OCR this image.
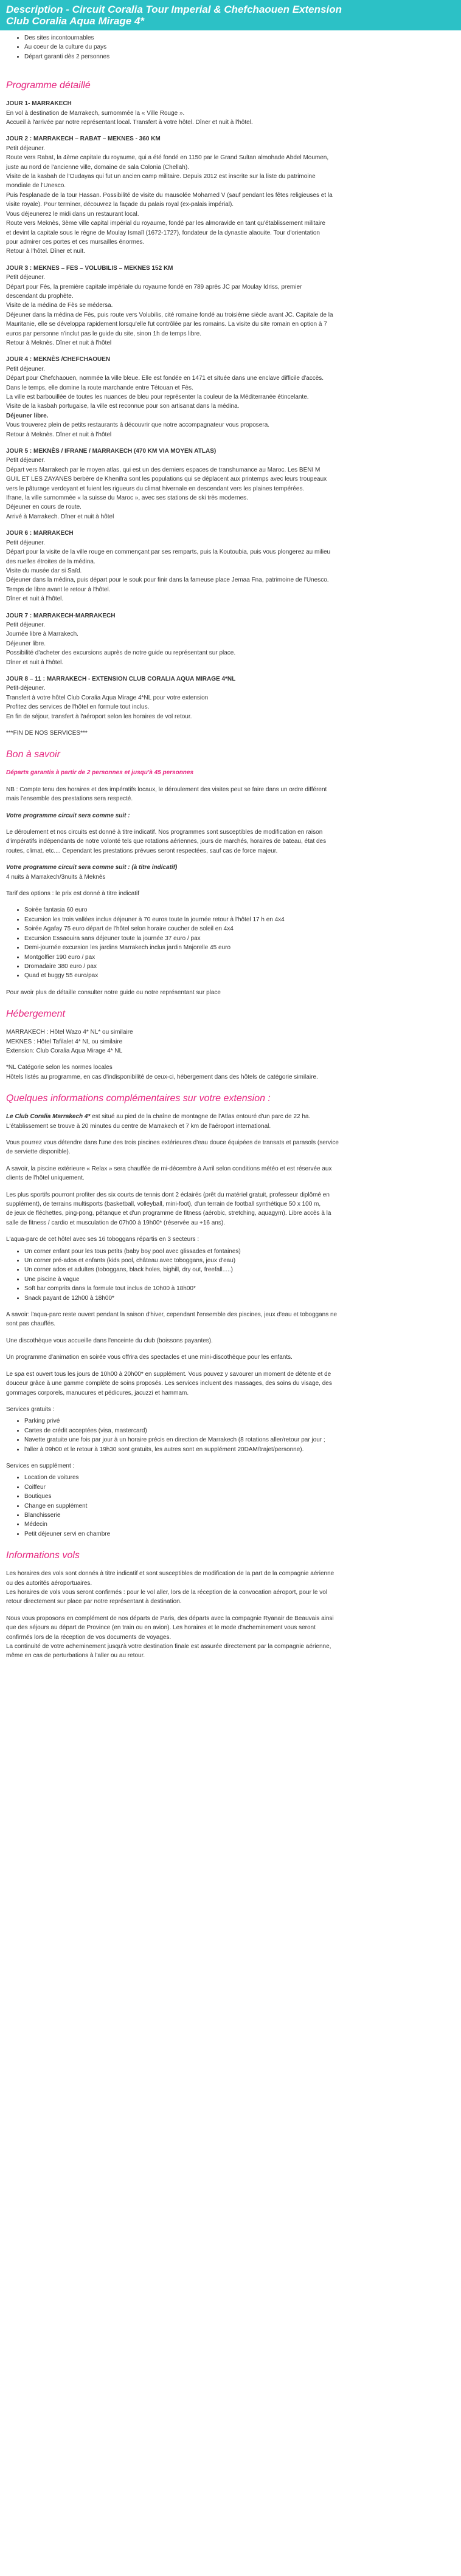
Description - Circuit Coralia Tour Imperial & Chefchaouen Extension
Club Coralia Aqua Mirage 4*
• Des sites incontournables
• Au coeur de la culture du pays
• Départ garanti dès 2 personnes
Programme détaillé

JOUR 1- MARRAKECH
En vol à destination de Marrakech, surnommée la « Ville Rouge ».
Accueil à l'arrivée par notre représentant local. Transfert à votre hôtel. Dîner et nuit à l'hôtel.

JOUR 2 : MARRAKECH – RABAT – MEKNES - 360 KM
Petit déjeuner.
Route vers Rabat, la 4ème capitale du royaume, qui a été fondé en 1150 par le Grand Sultan almohade Abdel Moumen,
juste au nord de l'ancienne ville, domaine de sala Colonia (Chellah).
Visite de la kasbah de l'Oudayas qui fut un ancien camp militaire. Depuis 2012 est inscrite sur la liste du patrimoine
mondiale de l'Unesco.
Puis l'esplanade de la tour Hassan. Possibilité de visite du mausolée Mohamed V (sauf pendant les fêtes religieuses et la
visite royale). Pour terminer, découvrez la façade du palais royal (ex-palais impérial).
Vous déjeunerez le midi dans un restaurant local.
Route vers Meknès, 3ème ville capital impérial du royaume, fondé par les almoravide en tant qu'établissement militaire
et devint la capitale sous le règne de Moulay Ismaïl (1672-1727), fondateur de la dynastie alaouite. Tour d'orientation
pour admirer ces portes et ces mursailles énormes.
Retour à l'hôtel. Dîner et nuit.

JOUR 3 : MEKNES – FES – VOLUBILIS – MEKNES 152 KM
Petit déjeuner.
Départ pour Fès, la première capitale impériale du royaume fondé en 789 après JC par Moulay Idriss, premier
descendant du prophète.
Visite de la médina de Fès se médersa.
Déjeuner dans la médina de Fès, puis route vers Volubilis, cité romaine fondé au troisième siècle avant JC. Capitale de la
Mauritanie, elle se développa rapidement lorsqu'elle fut contrôlée par les romains. La visite du site romain en option à 7
euros par personne n'inclut pas le guide du site, sinon 1h de temps libre.
Retour à Meknès. Dîner et nuit à l'hôtel

JOUR 4 : MEKNÈS /CHEFCHAOUEN
Petit déjeuner.
Départ pour Chefchaouen, nommée la ville bleue. Elle est fondée en 1471 et située dans une enclave difficile d'accès.
Dans le temps, elle domine la route marchande entre Tétouan et Fès.
La ville est barbouillée de toutes les nuances de bleu pour représenter la couleur de la Méditerranée étincelante.
Visite de la kasbah portugaise, la ville est reconnue pour son artisanat dans la médina.
Déjeuner libre.
Vous trouverez plein de petits restaurants à découvrir que notre accompagnateur vous proposera.
Retour à Meknès. Dîner et nuit à l'hôtel

JOUR 5 : MEKNÈS / IFRANE / MARRAKECH (470 KM VIA MOYEN ATLAS)
Petit déjeuner.
Départ vers Marrakech par le moyen atlas, qui est un des derniers espaces de transhumance au Maroc. Les BENI M
GUIL ET LES ZAYANES berbère de Khenifra sont les populations qui se déplacent aux printemps avec leurs troupeaux
vers le pâturage verdoyant et fuient les rigueurs du climat hivernale en descendant vers les plaines tempérées.
Ifrane, la ville surnommée « la suisse du Maroc », avec ses stations de ski très modernes.
Déjeuner en cours de route.
Arrivé à Marrakech. Dîner et nuit à hôtel

JOUR 6 : MARRAKECH
Petit déjeuner.
Départ pour la visite de la ville rouge en commençant par ses remparts, puis la Koutoubia, puis vous plongerez au milieu
des ruelles étroites de la médina.
Visite du musée dar si Saïd.
Déjeuner dans la médina, puis départ pour le souk pour finir dans la fameuse place Jemaa Fna, patrimoine de l'Unesco.
Temps de libre avant le retour à l'hôtel.
Dîner et nuit à l'hôtel.

JOUR 7 : MARRAKECH-MARRAKECH
Petit déjeuner.
Journée libre à Marrakech.
Déjeuner libre.
Possibilité d'acheter des excursions auprès de notre guide ou représentant sur place.
Dîner et nuit à l'hôtel.

JOUR 8 – 11 : MARRAKECH - EXTENSION CLUB CORALIA AQUA MIRAGE 4*NL
Petit-déjeuner.
Transfert à votre hôtel Club Coralia Aqua Mirage 4*NL pour votre extension
Profitez des services de l'hôtel en formule tout inclus.
En fin de séjour, transfert à l'aéroport selon les horaires de vol retour.

***FIN DE NOS SERVICES***

Bon à savoir

Départs garantis à partir de 2 personnes et jusqu'à 45 personnes

NB : Compte tenu des horaires et des impératifs locaux, le déroulement des visites peut se faire dans un ordre différent
mais l'ensemble des prestations sera respecté.

Votre programme circuit sera comme suit :

Le déroulement et nos circuits est donné à titre indicatif. Nos programmes sont susceptibles de modification en raison
d'impératifs indépendants de notre volonté tels que rotations aériennes, jours de marchés, horaires de bateau, état des
routes, climat, etc.... Cependant les prestations prévues seront respectées, sauf cas de force majeur.

Votre programme circuit sera comme suit : (à titre indicatif)
4 nuits à Marrakech/3nuits à Meknès

Tarif des options : le prix est donné à titre indicatif

• Soirée fantasia 60 euro
• Excursion les trois vallées inclus déjeuner à 70 euros toute la journée retour à l'hôtel 17 h en 4x4
• Soirée Agafay 75 euro départ de l'hôtel selon horaire coucher de soleil en 4x4
• Excursion Essaouira sans déjeuner toute la journée 37 euro / pax
• Demi-journée excursion les jardins Marrakech inclus jardin Majorelle 45 euro
• Montgolfier 190 euro / pax
• Dromadaire 380 euro / pax
• Quad et buggy 55 euro/pax

Pour avoir plus de détaille consulter notre guide ou notre représentant sur place

Hébergement

MARRAKECH : Hôtel Wazo 4* NL* ou similaire
MEKNES : Hôtel Tafilalet 4* NL ou similaire
Extension: Club Coralia Aqua Mirage 4* NL

*NL Catégorie selon les normes locales
Hôtels listés au programme, en cas d'indisponibilité de ceux-ci, hébergement dans des hôtels de catégorie similaire.

Quelques informations complémentaires sur votre extension :

Le Club Coralia Marrakech 4* est situé au pied de la chaîne de montagne de l'Atlas entouré d'un parc de 22 ha.
L'établissement se trouve à 20 minutes du centre de Marrakech et 7 km de l'aéroport international.

Vous pourrez vous détendre dans l'une des trois piscines extérieures d'eau douce équipées de transats et parasols (service
de serviette disponible).

A savoir, la piscine extérieure « Relax » sera chauffée de mi-décembre à Avril selon conditions météo et est réservée aux
clients de l'hôtel uniquement.

Les plus sportifs pourront profiter des six courts de tennis dont 2 éclairés (prêt du matériel gratuit, professeur diplômé en
supplément), de terrains multisports (basketball, volleyball, mini-foot), d'un terrain de football synthétique 50 x 100 m,
de jeux de fléchettes, ping-pong, pétanque et d'un programme de fitness (aérobic, stretching, aquagym). Libre accès à la
salle de fitness / cardio et musculation de 07h00 à 19h00* (réservée au +16 ans).

L'aqua-parc de cet hôtel avec ses 16 toboggans répartis en 3 secteurs :

• Un corner enfant pour les tous petits (baby boy pool avec glissades et fontaines)
• Un corner pré-ados et enfants (kids pool, château avec toboggans, jeux d'eau)
• Un corner ados et adultes (toboggans, black holes, bighill, dry out, freefall.....)
• Une piscine à vague
• Soft bar comprits dans la formule tout inclus de 10h00 à 18h00*
• Snack payant de 12h00 à 18h00*

A savoir: l'aqua-parc reste ouvert pendant la saison d'hiver, cependant l'ensemble des piscines, jeux d'eau et toboggans ne
sont pas chauffés.

Une discothèque vous accueille dans l'enceinte du club (boissons payantes).

Un programme d'animation en soirée vous offrira des spectacles et une mini-discothèque pour les enfants.

Le spa est ouvert tous les jours de 10h00 à 20h00* en supplément. Vous pouvez y savourer un moment de détente et de
douceur grâce à une gamme complète de soins proposés. Les services incluent des massages, des soins du visage, des
gommages corporels, manucures et pédicures, jacuzzi et hammam.

Services gratuits :

• Parking privé
• Cartes de crédit acceptées (visa, mastercard)
• Navette gratuite une fois par jour à un horaire précis en direction de Marrakech (8 rotations aller/retour par jour ;
• l'aller à 09h00 et le retour à 19h30 sont gratuits, les autres sont en supplément 20DAM/trajet/personne).

Services en supplément :

• Location de voitures
• Coiffeur
• Boutiques
• Change en supplément
• Blanchisserie
• Médecin
• Petit déjeuner servi en chambre
Informations vols

Les horaires des vols sont donnés à titre indicatif et sont susceptibles de modification de la part de la compagnie aérienne
ou des autorités aéroportuaires.
Les horaires de vols vous seront confirmés : pour le vol aller, lors de la réception de la convocation aéroport, pour le vol
retour directement sur place par notre représentant à destination.

Nous vous proposons en complément de nos départs de Paris, des départs avec la compagnie Ryanair de Beauvais ainsi
que des séjours au départ de Province (en train ou en avion). Les horaires et le mode d'acheminement vous seront
confirmés lors de la réception de vos documents de voyages.
La continuité de votre acheminement jusqu'à votre destination finale est assurée directement par la compagnie aérienne,
même en cas de perturbations à l'aller ou au retour.
